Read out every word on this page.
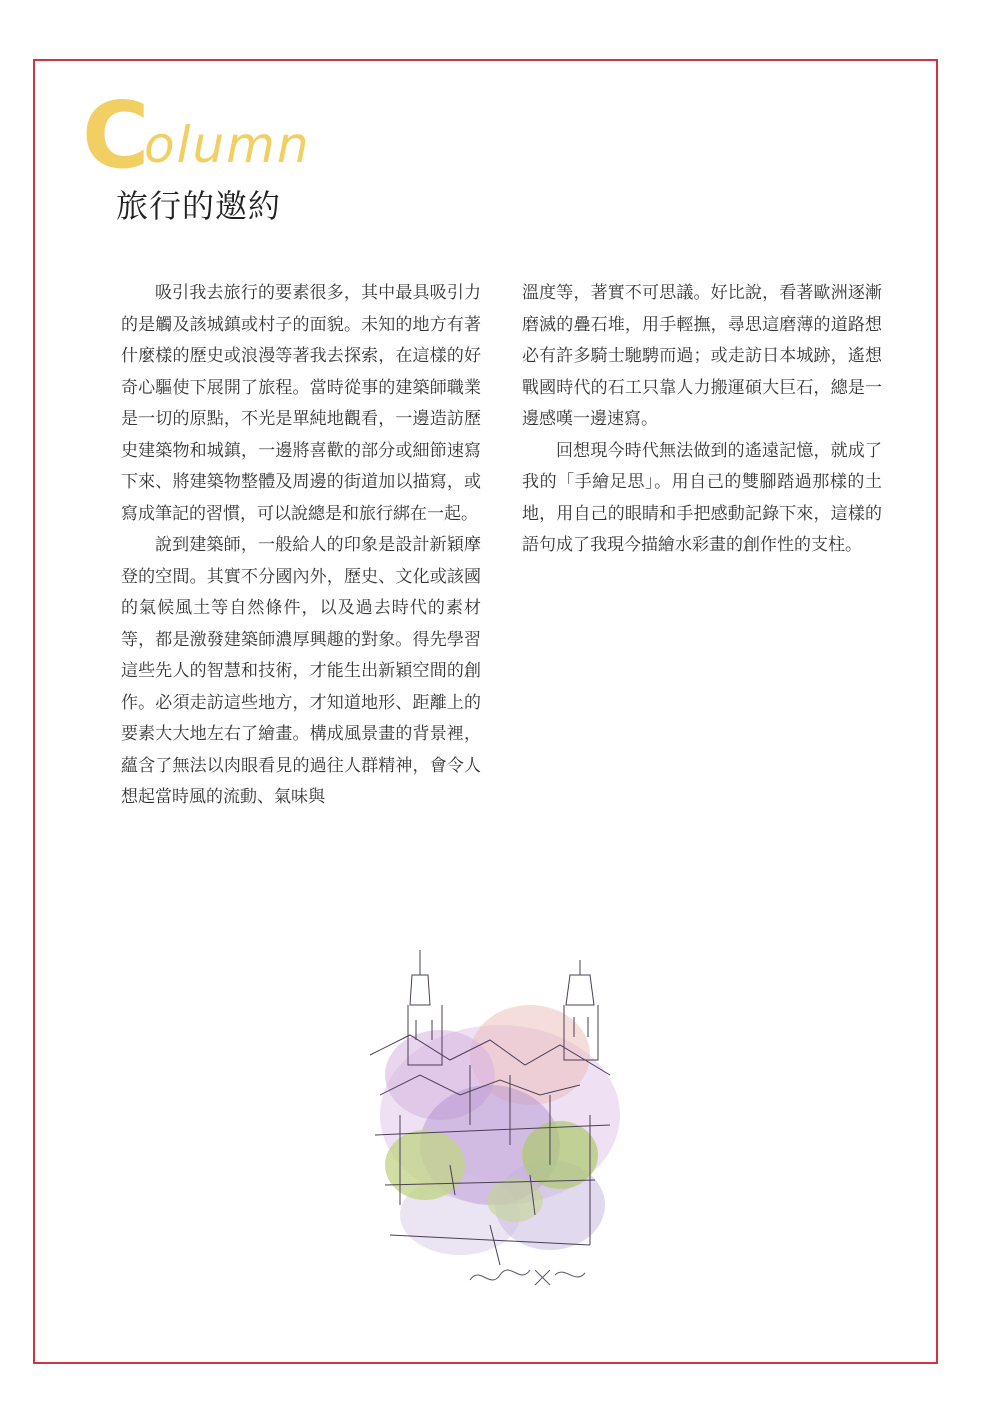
C
olumn
旅行的邀約

吸引我去旅行的要素很多，其中最具吸引力的是觸及該城鎮或村子的面貌。未知的地方有著什麼樣的歷史或浪漫等著我去探索，在這樣的好奇心驅使下展開了旅程。當時從事的建築師職業是一切的原點，不光是單純地觀看，一邊造訪歷史建築物和城鎮，一邊將喜歡的部分或細節速寫下來、將建築物整體及周邊的街道加以描寫，或寫成筆記的習慣，可以說總是和旅行綁在一起。

說到建築師，一般給人的印象是設計新穎摩登的空間。其實不分國內外，歷史、文化或該國的氣候風土等自然條件，以及過去時代的素材等，都是激發建築師濃厚興趣的對象。得先學習這些先人的智慧和技術，才能生出新穎空間的創作。必須走訪這些地方，才知道地形、距離上的要素大大地左右了繪畫。構成風景畫的背景裡，蘊含了無法以肉眼看見的過往人群精神，會令人想起當時風的流動、氣味與

溫度等，著實不可思議。好比說，看著歐洲逐漸磨滅的疊石堆，用手輕撫，尋思這磨薄的道路想必有許多騎士馳騁而過；或走訪日本城跡，遙想戰國時代的石工只靠人力搬運碩大巨石，總是一邊感嘆一邊速寫。

回想現今時代無法做到的遙遠記憶，就成了我的「手繪足思」。用自己的雙腳踏過那樣的土地，用自己的眼睛和手把感動記錄下來，這樣的語句成了我現今描繪水彩畫的創作性的支柱。
